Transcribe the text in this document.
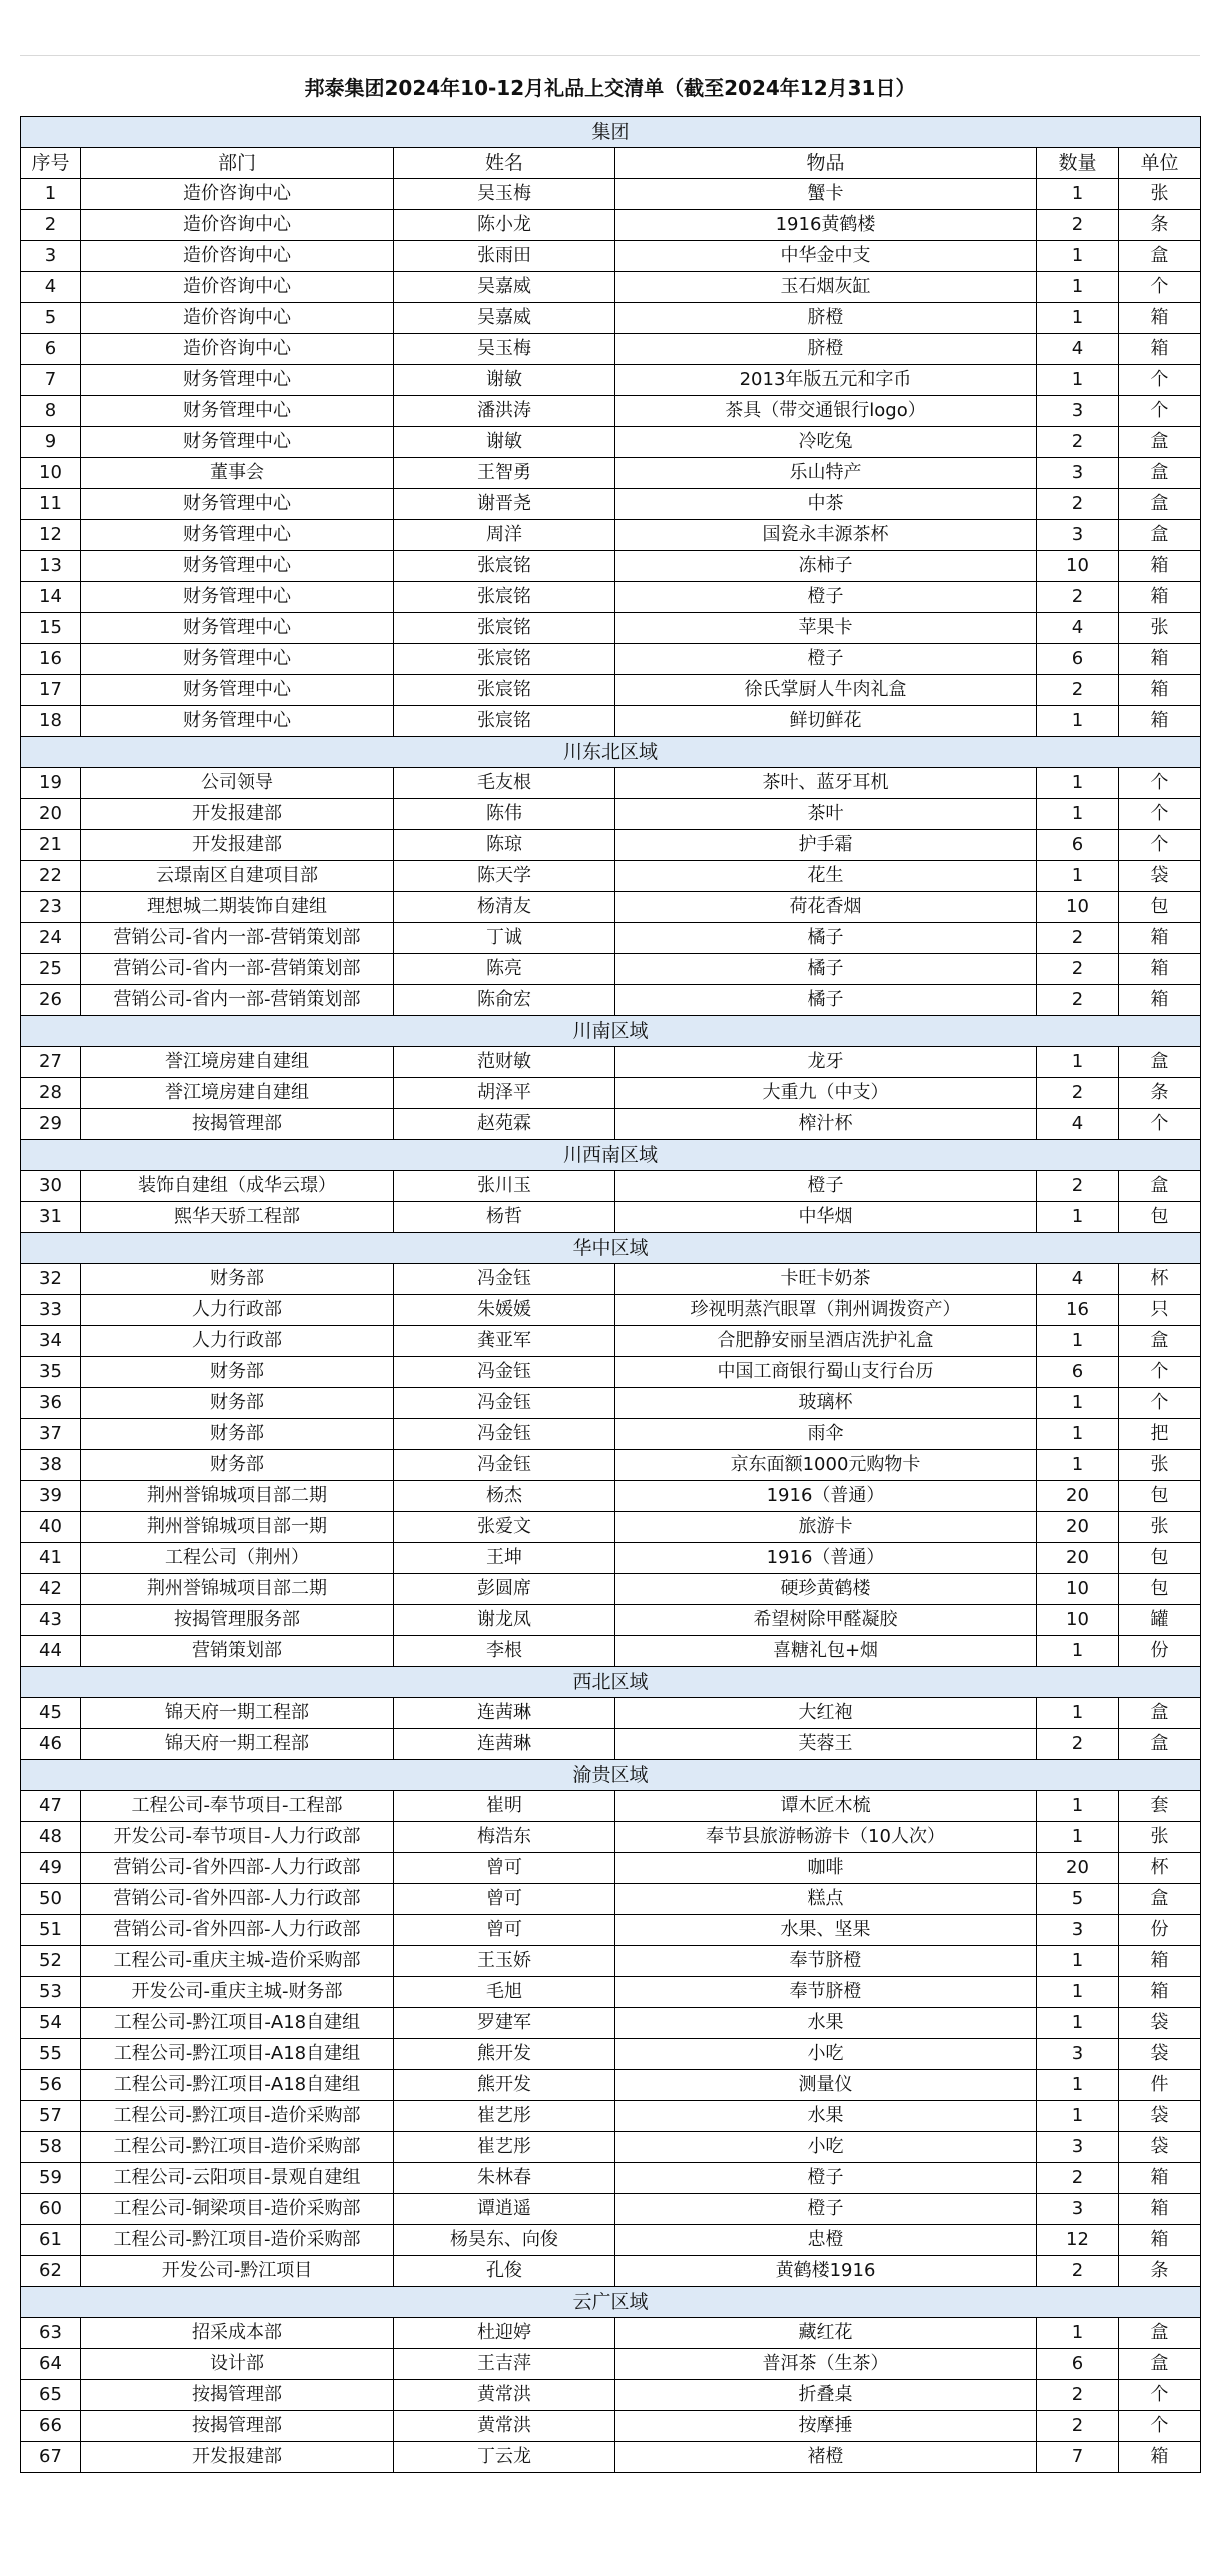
邦泰集团2024年10-12月礼品上交清单（截至2024年12月31日）
集团					
序号	部门	姓名	物品	数量	单位
1	造价咨询中心	吴玉梅	蟹卡	1	张
2	造价咨询中心	陈小龙	1916黄鹤楼	2	条
3	造价咨询中心	张雨田	中华金中支	1	盒
4	造价咨询中心	吴嘉威	玉石烟灰缸	1	个
5	造价咨询中心	吴嘉威	脐橙	1	箱
6	造价咨询中心	吴玉梅	脐橙	4	箱
7	财务管理中心	谢敏	2013年版五元和字币	1	个
8	财务管理中心	潘洪涛	茶具（带交通银行logo）	3	个
9	财务管理中心	谢敏	冷吃兔	2	盒
10	董事会	王智勇	乐山特产	3	盒
11	财务管理中心	谢晋尧	中茶	2	盒
12	财务管理中心	周洋	国瓷永丰源茶杯	3	盒
13	财务管理中心	张宸铭	冻柿子	10	箱
14	财务管理中心	张宸铭	橙子	2	箱
15	财务管理中心	张宸铭	苹果卡	4	张
16	财务管理中心	张宸铭	橙子	6	箱
17	财务管理中心	张宸铭	徐氏掌厨人牛肉礼盒	2	箱
18	财务管理中心	张宸铭	鲜切鲜花	1	箱
川东北区域					
19	公司领导	毛友根	茶叶、蓝牙耳机	1	个
20	开发报建部	陈伟	茶叶	1	个
21	开发报建部	陈琼	护手霜	6	个
22	云璟南区自建项目部	陈天学	花生	1	袋
23	理想城二期装饰自建组	杨清友	荷花香烟	10	包
24	营销公司-省内一部-营销策划部	丁诚	橘子	2	箱
25	营销公司-省内一部-营销策划部	陈亮	橘子	2	箱
26	营销公司-省内一部-营销策划部	陈俞宏	橘子	2	箱
川南区域					
27	誉江境房建自建组	范财敏	龙牙	1	盒
28	誉江境房建自建组	胡泽平	大重九（中支）	2	条
29	按揭管理部	赵苑霖	榨汁杯	4	个
川西南区域					
30	装饰自建组（成华云璟）	张川玉	橙子	2	盒
31	熙华天骄工程部	杨哲	中华烟	1	包
华中区域					
32	财务部	冯金钰	卡旺卡奶茶	4	杯
33	人力行政部	朱媛媛	珍视明蒸汽眼罩（荆州调拨资产）	16	只
34	人力行政部	龚亚军	合肥静安丽呈酒店洗护礼盒	1	盒
35	财务部	冯金钰	中国工商银行蜀山支行台历	6	个
36	财务部	冯金钰	玻璃杯	1	个
37	财务部	冯金钰	雨伞	1	把
38	财务部	冯金钰	京东面额1000元购物卡	1	张
39	荆州誉锦城项目部二期	杨杰	1916（普通）	20	包
40	荆州誉锦城项目部一期	张爱文	旅游卡	20	张
41	工程公司（荆州）	王坤	1916（普通）	20	包
42	荆州誉锦城项目部二期	彭圆席	硬珍黄鹤楼	10	包
43	按揭管理服务部	谢龙凤	希望树除甲醛凝胶	10	罐
44	营销策划部	李根	喜糖礼包+烟	1	份
西北区域					
45	锦天府一期工程部	连茜琳	大红袍	1	盒
46	锦天府一期工程部	连茜琳	芙蓉王	2	盒
渝贵区域					
47	工程公司-奉节项目-工程部	崔明	谭木匠木梳	1	套
48	开发公司-奉节项目-人力行政部	梅浩东	奉节县旅游畅游卡（10人次）	1	张
49	营销公司-省外四部-人力行政部	曾可	咖啡	20	杯
50	营销公司-省外四部-人力行政部	曾可	糕点	5	盒
51	营销公司-省外四部-人力行政部	曾可	水果、坚果	3	份
52	工程公司-重庆主城-造价采购部	王玉娇	奉节脐橙	1	箱
53	开发公司-重庆主城-财务部	毛旭	奉节脐橙	1	箱
54	工程公司-黔江项目-A18自建组	罗建军	水果	1	袋
55	工程公司-黔江项目-A18自建组	熊开发	小吃	3	袋
56	工程公司-黔江项目-A18自建组	熊开发	测量仪	1	件
57	工程公司-黔江项目-造价采购部	崔艺彤	水果	1	袋
58	工程公司-黔江项目-造价采购部	崔艺彤	小吃	3	袋
59	工程公司-云阳项目-景观自建组	朱林春	橙子	2	箱
60	工程公司-铜梁项目-造价采购部	谭逍遥	橙子	3	箱
61	工程公司-黔江项目-造价采购部	杨昊东、向俊	忠橙	12	箱
62	开发公司-黔江项目	孔俊	黄鹤楼1916	2	条
云广区域					
63	招采成本部	杜迎婷	藏红花	1	盒
64	设计部	王吉萍	普洱茶（生茶）	6	盒
65	按揭管理部	黄常洪	折叠桌	2	个
66	按揭管理部	黄常洪	按摩捶	2	个
67	开发报建部	丁云龙	褚橙	7	箱
